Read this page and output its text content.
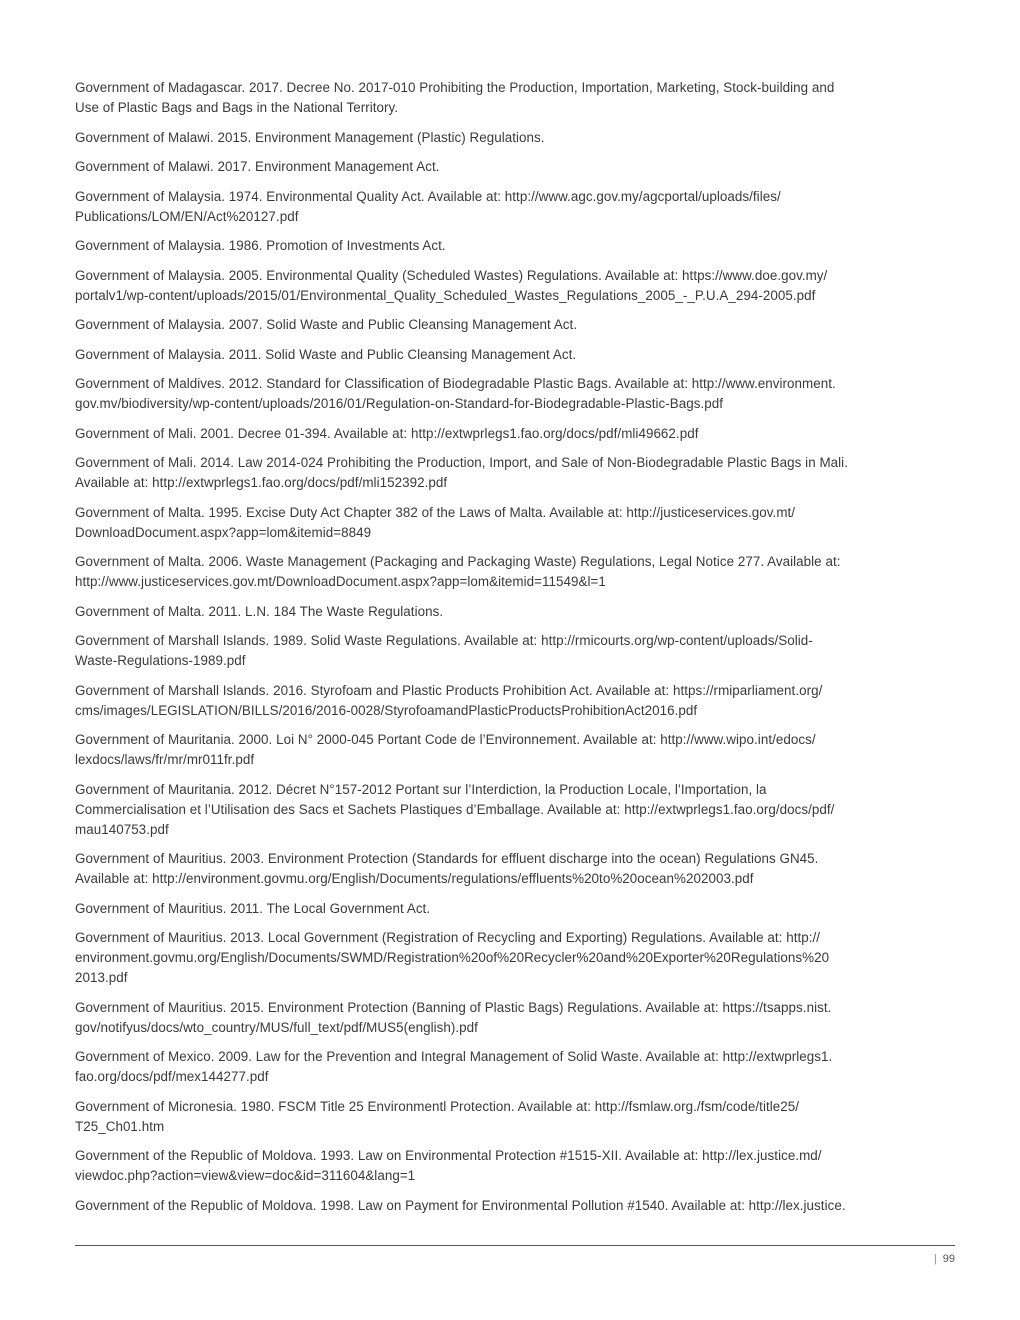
Government of Madagascar. 2017. Decree No. 2017-010 Prohibiting the Production, Importation, Marketing, Stock-building and
Use of Plastic Bags and Bags in the National Territory.

Government of Malawi. 2015. Environment Management (Plastic) Regulations.

Government of Malawi. 2017. Environment Management Act.

Government of Malaysia. 1974. Environmental Quality Act. Available at: http://www.agc.gov.my/agcportal/uploads/files/
Publications/LOM/EN/Act%20127.pdf

Government of Malaysia. 1986. Promotion of Investments Act.

Government of Malaysia. 2005. Environmental Quality (Scheduled Wastes) Regulations. Available at: https://www.doe.gov.my/
portalv1/wp-content/uploads/2015/01/Environmental_Quality_Scheduled_Wastes_Regulations_2005_-_P.U.A_294-2005.pdf

Government of Malaysia. 2007. Solid Waste and Public Cleansing Management Act.

Government of Malaysia. 2011. Solid Waste and Public Cleansing Management Act.

Government of Maldives. 2012. Standard for Classification of Biodegradable Plastic Bags. Available at: http://www.environment.
gov.mv/biodiversity/wp-content/uploads/2016/01/Regulation-on-Standard-for-Biodegradable-Plastic-Bags.pdf

Government of Mali. 2001. Decree 01-394. Available at: http://extwprlegs1.fao.org/docs/pdf/mli49662.pdf

Government of Mali. 2014. Law 2014-024 Prohibiting the Production, Import, and Sale of Non-Biodegradable Plastic Bags in Mali.
Available at: http://extwprlegs1.fao.org/docs/pdf/mli152392.pdf

Government of Malta. 1995. Excise Duty Act Chapter 382 of the Laws of Malta. Available at: http://justiceservices.gov.mt/
DownloadDocument.aspx?app=lom&itemid=8849

Government of Malta. 2006. Waste Management (Packaging and Packaging Waste) Regulations, Legal Notice 277. Available at:
http://www.justiceservices.gov.mt/DownloadDocument.aspx?app=lom&itemid=11549&l=1

Government of Malta. 2011. L.N. 184 The Waste Regulations.

Government of Marshall Islands. 1989. Solid Waste Regulations. Available at: http://rmicourts.org/wp-content/uploads/Solid-
Waste-Regulations-1989.pdf

Government of Marshall Islands. 2016. Styrofoam and Plastic Products Prohibition Act. Available at: https://rmiparliament.org/
cms/images/LEGISLATION/BILLS/2016/2016-0028/StyrofoamandPlasticProductsProhibitionAct2016.pdf

Government of Mauritania. 2000. Loi N° 2000-045 Portant Code de l’Environnement. Available at: http://www.wipo.int/edocs/
lexdocs/laws/fr/mr/mr011fr.pdf

Government of Mauritania. 2012. Décret N°157-2012 Portant sur l’Interdiction, la Production Locale, l’Importation, la
Commercialisation et l’Utilisation des Sacs et Sachets Plastiques d’Emballage. Available at: http://extwprlegs1.fao.org/docs/pdf/
mau140753.pdf

Government of Mauritius. 2003. Environment Protection (Standards for effluent discharge into the ocean) Regulations GN45.
Available at: http://environment.govmu.org/English/Documents/regulations/effluents%20to%20ocean%202003.pdf

Government of Mauritius. 2011. The Local Government Act.

Government of Mauritius. 2013. Local Government (Registration of Recycling and Exporting) Regulations. Available at: http://
environment.govmu.org/English/Documents/SWMD/Registration%20of%20Recycler%20and%20Exporter%20Regulations%20
2013.pdf

Government of Mauritius. 2015. Environment Protection (Banning of Plastic Bags) Regulations. Available at: https://tsapps.nist.
gov/notifyus/docs/wto_country/MUS/full_text/pdf/MUS5(english).pdf

Government of Mexico. 2009. Law for the Prevention and Integral Management of Solid Waste. Available at: http://extwprlegs1.
fao.org/docs/pdf/mex144277.pdf

Government of Micronesia. 1980. FSCM Title 25 Environmentl Protection. Available at: http://fsmlaw.org./fsm/code/title25/
T25_Ch01.htm

Government of the Republic of Moldova. 1993. Law on Environmental Protection #1515-XII. Available at: http://lex.justice.md/
viewdoc.php?action=view&view=doc&id=311604&lang=1

Government of the Republic of Moldova. 1998. Law on Payment for Environmental Pollution #1540. Available at: http://lex.justice.

| 99
